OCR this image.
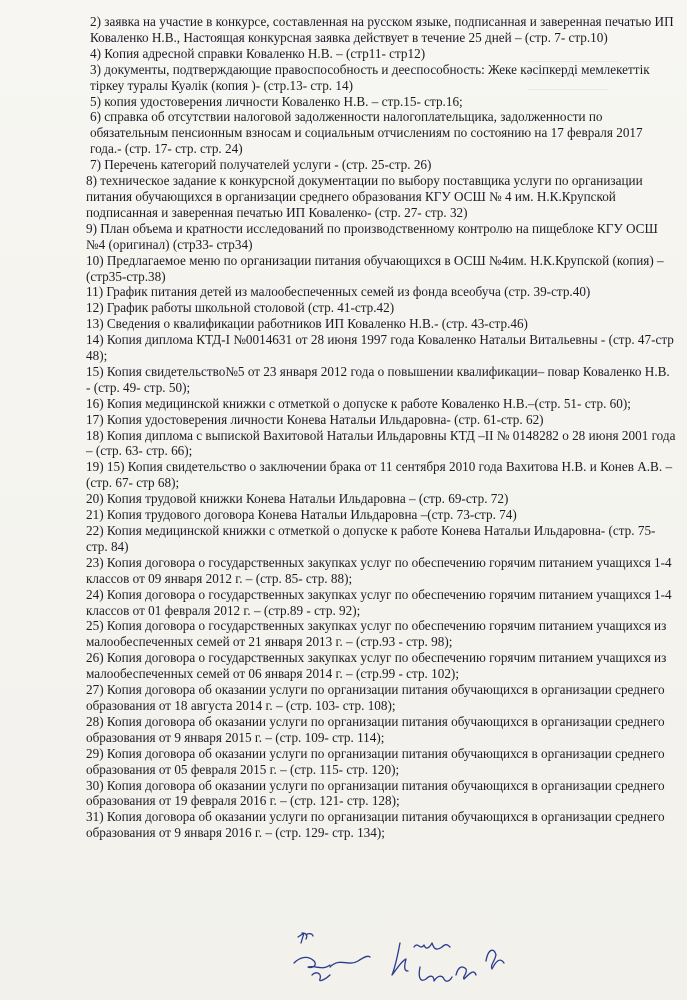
2) заявка на участие в конкурсе, составленная на русском языке, подписанная и заверенная печатью ИП Коваленко Н.В., Настоящая конкурсная заявка действует в течение 25 дней – (стр. 7- стр.10)

4) Копия адресной справки Коваленко Н.В. – (стр11- стр12)

3) документы, подтверждающие правоспособность и дееспособность: Жеке кәсіпкерді мемлекеттік тіркеу туралы Куәлік (копия )- (стр.13- стр. 14)

5) копия удостоверения личности Коваленко Н.В. – стр.15- стр.16;

6) справка об отсутствии налоговой задолженности налогоплательщика, задолженности по обязательным пенсионным взносам и социальным отчислениям по состоянию на 17 февраля 2017 года.- (стр. 17- стр. стр. 24)

7) Перечень категорий получателей услуги - (стр. 25-стр. 26)

8) техническое задание к конкурсной документации по выбору поставщика услуги по организации питания обучающихся в организации среднего образования КГУ ОСШ № 4 им. Н.К.Крупской подписанная и заверенная печатью ИП Коваленко- (стр. 27- стр. 32)

9) План объема и кратности исследований по производственному контролю на пищеблоке КГУ ОСШ №4 (оригинал) (стр33- стр34)

10) Предлагаемое меню по организации питания обучающихся в ОСШ №4им. Н.К.Крупской (копия) – (стр35-стр.38)

11) График питания детей из малообеспеченных семей из фонда всеобуча (стр. 39-стр.40)

12) График работы школьной столовой (стр. 41-стр.42)

13) Сведения о квалификации работников ИП Коваленко Н.В.- (стр. 43-стр.46)

14) Копия диплома КТД-I №0014631 от 28 июня 1997 года Коваленко Натальи Витальевны - (стр. 47-стр 48);

15) Копия свидетельство№5 от 23 января 2012 года о повышении квалификации– повар Коваленко Н.В. - (стр. 49- стр. 50);

16) Копия медицинской книжки с отметкой о допуске к работе Коваленко Н.В.–(стр. 51- стр. 60);

17) Копия удостоверения личности Конева Натальи Ильдаровна- (стр. 61-стр. 62)

18) Копия диплома с выпиской Вахитовой Натальи Ильдаровны КТД –II № 0148282 о 28 июня 2001 года – (стр. 63- стр. 66);

19) 15) Копия свидетельство о заключении брака от 11 сентября 2010 года Вахитова Н.В. и Конев А.В. – (стр. 67- стр 68);

20) Копия трудовой книжки Конева Натальи Ильдаровна – (стр. 69-стр. 72)

21) Копия трудового договора Конева Натальи Ильдаровна –(стр. 73-стр. 74)

22) Копия медицинской книжки с отметкой о допуске к работе Конева Натальи Ильдаровна- (стр. 75-стр. 84)

23) Копия договора о государственных закупках услуг по обеспечению горячим питанием учащихся 1-4 классов от 09 января 2012 г. – (стр. 85- стр. 88);

24) Копия договора о государственных закупках услуг по обеспечению горячим питанием учащихся 1-4 классов от 01 февраля 2012 г. – (стр.89 - стр. 92);

25) Копия договора о государственных закупках услуг по обеспечению горячим питанием учащихся из малообеспеченных семей от 21 января 2013 г. – (стр.93 - стр. 98);

26) Копия договора о государственных закупках услуг по обеспечению горячим питанием учащихся из малообеспеченных семей от 06 января 2014 г. – (стр.99 - стр. 102);

27) Копия договора об оказании услуги по организации питания обучающихся в организации среднего образования от 18 августа 2014 г. – (стр. 103- стр. 108);

28) Копия договора об оказании услуги по организации питания обучающихся в организации среднего образования от 9 января 2015 г. – (стр. 109- стр. 114);

29) Копия договора об оказании услуги по организации питания обучающихся в организации среднего образования от 05 февраля 2015 г. – (стр. 115- стр. 120);

30) Копия договора об оказании услуги по организации питания обучающихся в организации среднего образования от 19 февраля 2016 г. – (стр. 121- стр. 128);

31) Копия договора об оказании услуги по организации питания обучающихся в организации среднего образования от 9 января 2016 г. – (стр. 129- стр. 134);
